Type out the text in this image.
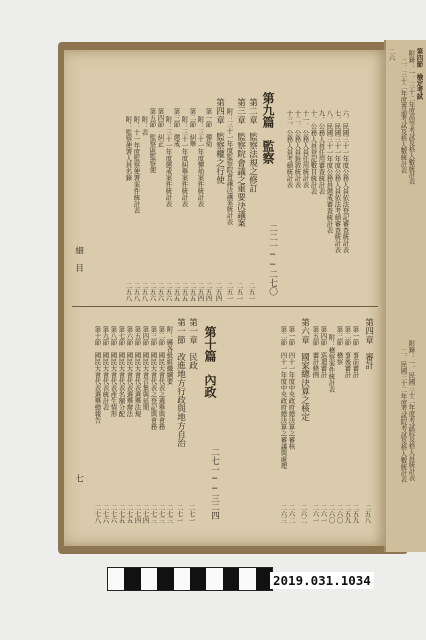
第四節　檢定考試
附錄：一．三十二年度高等考試及格人數統計表
二．三十二年度普通考試及格人數統計表
附錄：一．民國三十二年度考試院及格人員統計表
二．民國三十二年度考試院考試及格人數統計表
二六
第九篇　監察
二二一──二七〇
第二章　監察法規之修訂
第三章　監察院會議之重要決議案
附：三十一年度監察院會議決議案統計表
第四章　監察權之行使
第一節　彈劾
附：三十一年度彈劾案件統計表
第二節　糾舉
附：三十一年度糾舉案件統計表
第三節　懲戒
附：三十一年度懲戒案件統計表
第四節　糾正
第五節　監察區監察使
附：表
附：十一年度監察使署案件統計表
附：監察使署人員名錄	六．民國三十一年度公務人員依法登記審查統計表
七．民國三十一年度公務人員依法考績審查統計表
八．民國三十一年度公務員懲戒審查統計表
九．公務人員任用審查統計表
十．公務人員登記數目統計表
十一．公務人員任用統計表
十二．公務人員銓敘統計表
十三．公務人員考績統計表
二五一
二五一
二五一
二五四
二五四
二五四
二五五
二五五
二五五
二五六
二五六
二五六
二五八
二五八
二五八
第十篇　內政
二七一──三二四
第一章　民政
第一節　改進地方行政與地方自治
附：縣各級組織綱要
第二節　國民大會代表之選舉與會務
第三節　國民大會代表之登記與會務
第四節　國民大會召集與延期
第五節　國民大會代表選舉法規
第六節　國民大會代表選舉辦法
第七節　國民大會代表名額分配
第八節　國民大會代表產生情形
第九節　國民大會代表統計表
第十節　國民大會代表選舉總報告
二七一
二七一
二七三
二七三
二七三
二七四
二七四
二七五
二七五
二七六
二七六
二七八
第四章　審計
第一節　事前審計
第二節　事後審計
第三節　稽察
附：稽察案件統計表
第四節　巡迴審計
第五節　審計條例
第六章　國家總決算之核定
第一節　四十一年度中央政府總決算之審核
第二節　四十一年度中央政府總決算之審議與處理
二五八
二五九
二五九
二六〇
二六〇
二六一
二六一
二六二
二六二
二六三
細　目
七
2019.031.1034
